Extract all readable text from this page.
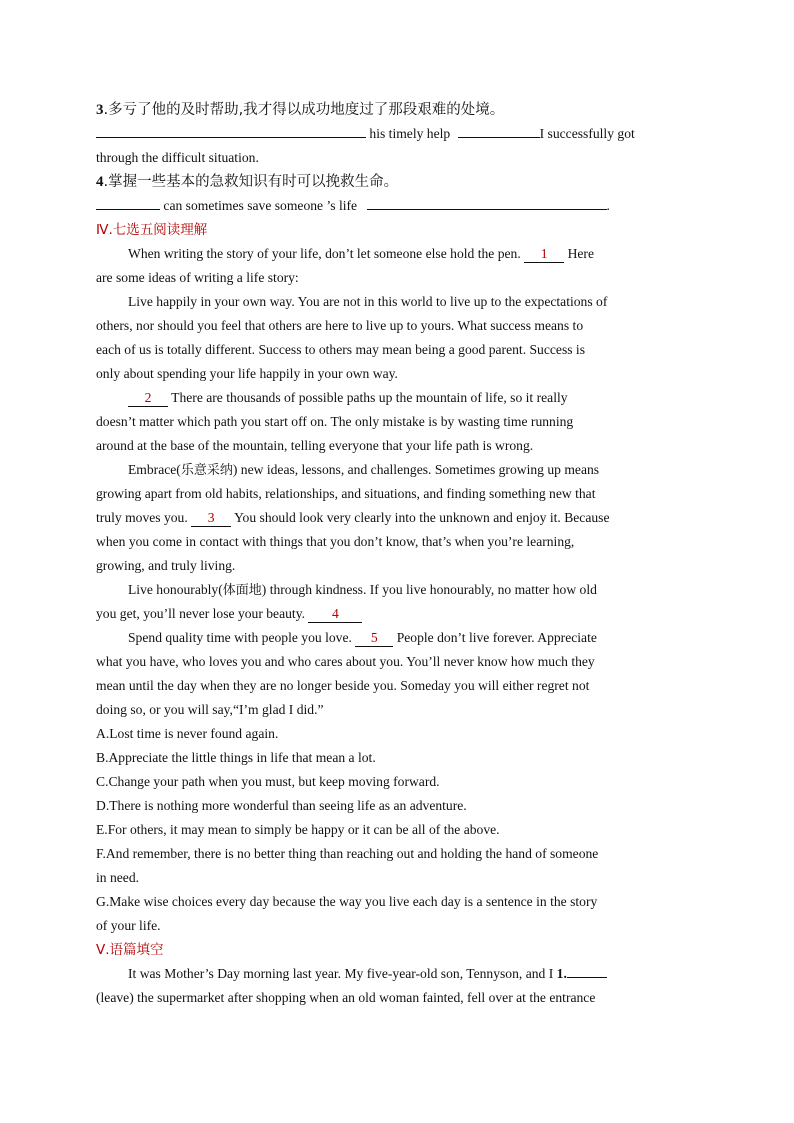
3.多亏了他的及时帮助,我才得以成功地度过了那段艰难的处境。
his timely help	I successfully got
through the difficult situation.
4.掌握一些基本的急救知识有时可以挽救生命。
can sometimes save someone ’s life	.
Ⅳ.七选五阅读理解
When writing the story of your life, don’t let someone else hold the pen. 1 Here
are some ideas of writing a life story:
Live happily in your own way. You are not in this world to live up to the expectations of
others, nor should you feel that others are here to live up to yours. What success means to
each of us is totally different. Success to others may mean being a good parent. Success is
only about spending your life happily in your own way.
2 There are thousands of possible paths up the mountain of life, so it really
doesn’t matter which path you start off on. The only mistake is by wasting time running
around at the base of the mountain, telling everyone that your life path is wrong.
Embrace(乐意采纳) new ideas, lessons, and challenges. Sometimes growing up means
growing apart from old habits, relationships, and situations, and finding something new that
truly moves you. 3 You should look very clearly into the unknown and enjoy it. Because
when you come in contact with things that you don’t know, that’s when you’re learning,
growing, and truly living.
Live honourably(体面地) through kindness. If you live honourably, no matter how old
you get, you’ll never lose your beauty. 4
Spend quality time with people you love. 5 People don’t live forever. Appreciate
what you have, who loves you and who cares about you. You’ll never know how much they
mean until the day when they are no longer beside you. Someday you will either regret not
doing so, or you will say,“I’m glad I did.”
A.Lost time is never found again.
B.Appreciate the little things in life that mean a lot.
C.Change your path when you must, but keep moving forward.
D.There is nothing more wonderful than seeing life as an adventure.
E.For others, it may mean to simply be happy or it can be all of the above.
F.And remember, there is no better thing than reaching out and holding the hand of someone
in need.
G.Make wise choices every day because the way you live each day is a sentence in the story
of your life.
Ⅴ.语篇填空
It was Mother’s Day morning last year. My five-year-old son, Tennyson, and I 1.
(leave) the supermarket after shopping when an old woman fainted, fell over at the entrance
